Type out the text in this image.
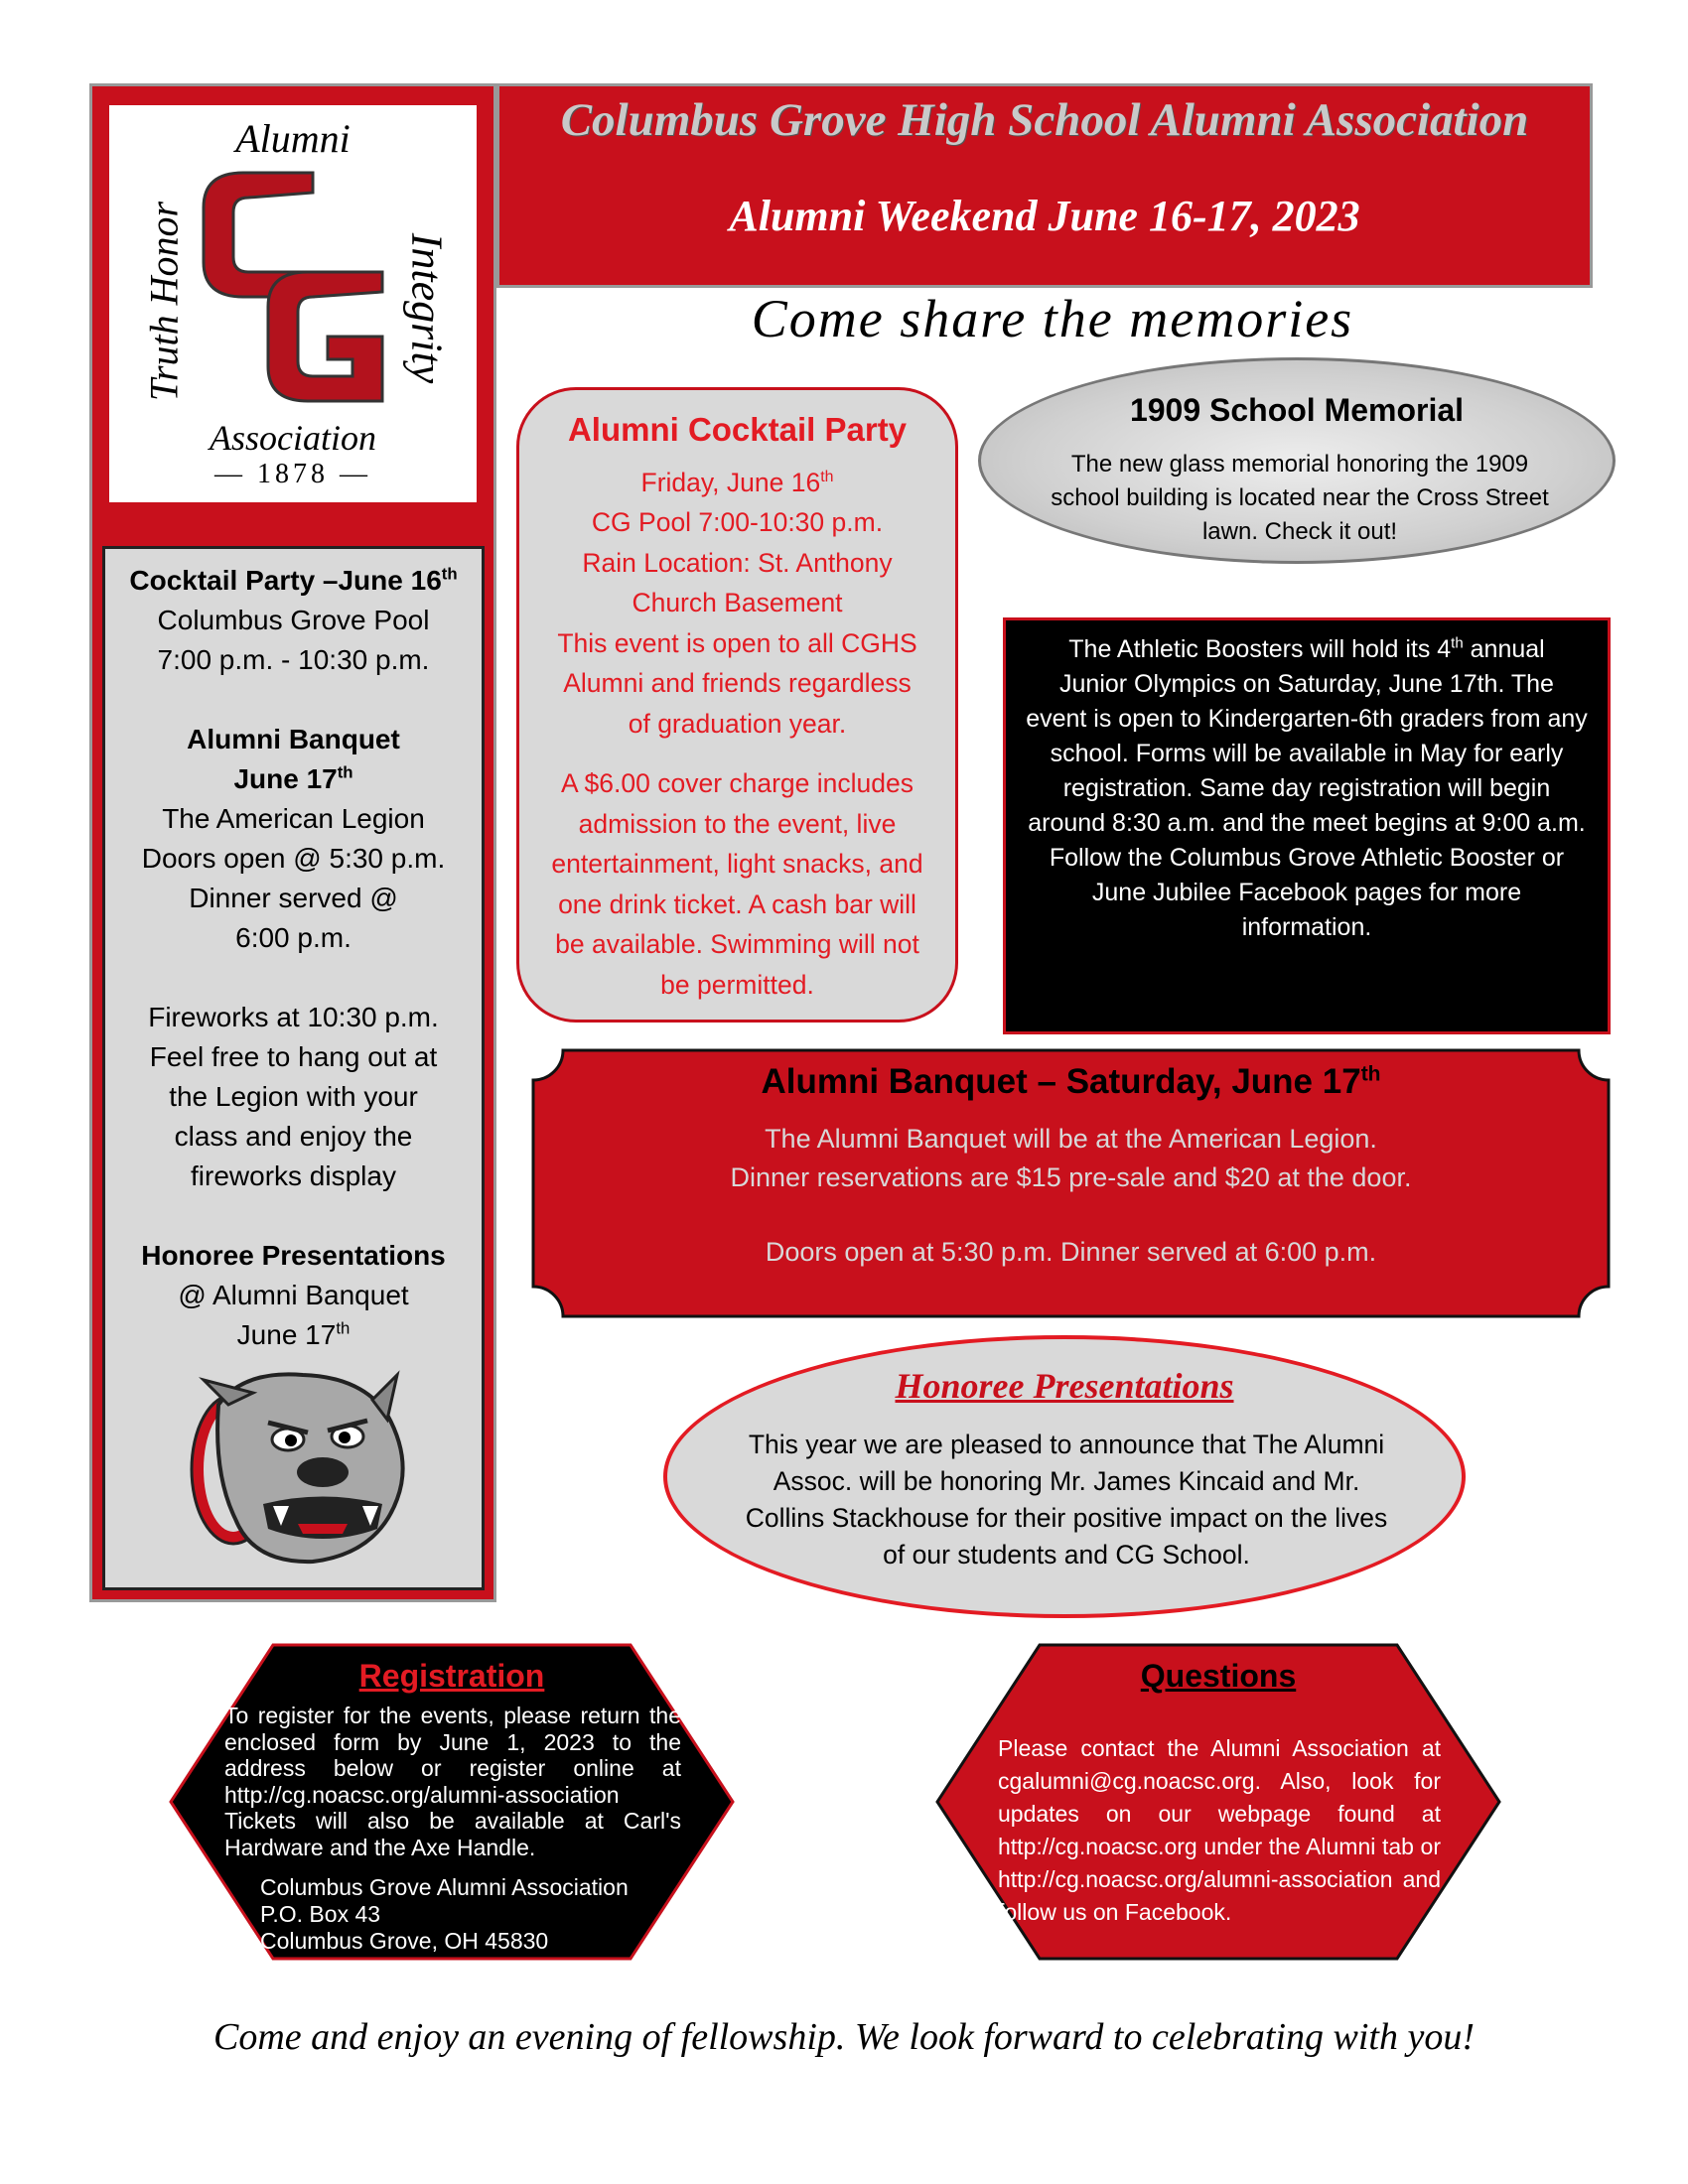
Columbus Grove High School Alumni Association
Alumni Weekend June 16-17, 2023
Come share the memories
Alumni
Truth Honor	Integrity
Association
— 1878 —

Cocktail Party –June 16th
Columbus Grove Pool
7:00 p.m. - 10:30 p.m.

Alumni Banquet
June 17th
The American Legion
Doors open @ 5:30 p.m.
Dinner served @
6:00 p.m.

Fireworks at 10:30 p.m.
Feel free to hang out at
the Legion with your
class and enjoy the
fireworks display

Honoree Presentations
@ Alumni Banquet
June 17th

Alumni Cocktail Party

Friday, June 16th

CG Pool 7:00-10:30 p.m.

Rain Location: St. Anthony

Church Basement

This event is open to all CGHS

Alumni and friends regardless

of graduation year.

A $6.00 cover charge includes

admission to the event, live

entertainment, light snacks, and

one drink ticket. A cash bar will

be available. Swimming will not

be permitted.

1909 School Memorial
The new glass memorial honoring the 1909 school building is located near the Cross Street lawn. Check it out!

The Athletic Boosters will hold its 4th annual

Junior Olympics on Saturday, June 17th. The event is open to Kindergarten-6th graders from any school. Forms will be available in May for early registration. Same day registration will begin around 8:30 a.m. and the meet begins at 9:00 a.m.

Follow the Columbus Grove Athletic Booster or June Jubilee Facebook pages for more information.

Alumni Banquet – Saturday, June 17th
The Alumni Banquet will be at the American Legion.
Dinner reservations are $15 pre-sale and $20 at the door.
Doors open at 5:30 p.m. Dinner served at 6:00 p.m.
Honoree Presentations
This year we are pleased to announce that The Alumni Assoc. will be honoring Mr. James Kincaid and Mr. Collins Stackhouse for their positive impact on the lives of our students and CG School.
Registration
To register for the events, please return the enclosed form by June 1, 2023 to the address below or register online at http://cg.noacsc.org/alumni-association Tickets will also be available at Carl's Hardware and the Axe Handle.
Columbus Grove Alumni Association
P.O. Box 43
Columbus Grove, OH 45830
Questions
Please contact the Alumni Association at cgalumni@cg.noacsc.org. Also, look for updates on our webpage found at http://cg.noacsc.org under the Alumni tab or http://cg.noacsc.org/alumni-association and follow us on Facebook.
Come and enjoy an evening of fellowship. We look forward to celebrating with you!
